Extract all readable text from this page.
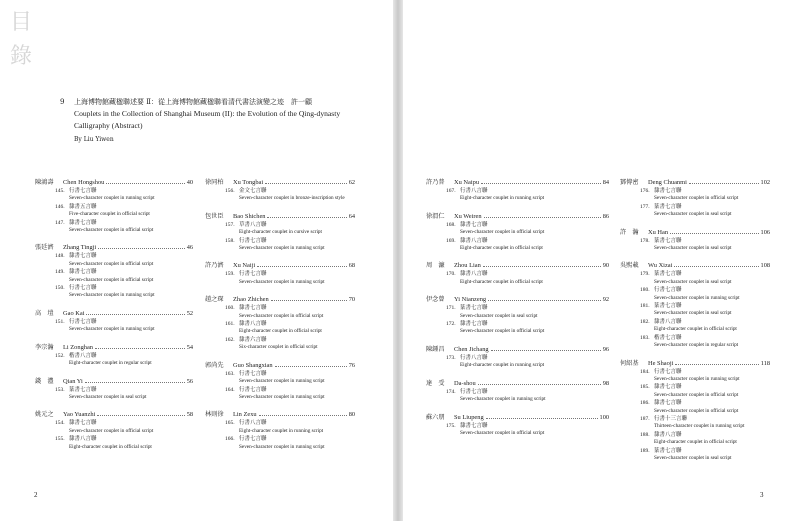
目
錄
9	上海博物館藏楹聯述要 Ⅱ：從上海博物館藏楹聯看清代書法演變之迹　許一顧
Couplets in the Collection of Shanghai Museum (II): the Evolution of the Qing-dynasty
Calligraphy (Abstract)
By Liu Yiwen
陳鴻壽	Chen Hongshou	40
145. 行書七言聯
Seven-character couplet in running script
146. 隸書五言聯
Five-character couplet in official script
147. 隸書七言聯
Seven-character couplet in official script
張廷濟	Zhang Tingji	46
148. 隸書七言聯
Seven-character couplet in official script
149. 隸書七言聯
Seven-character couplet in official script
150. 行書七言聯
Seven-character couplet in running script
高　塏	Gao Kai	52
151. 行書七言聯
Seven-character couplet in running script
李宗瀚	Li Zonghan	54
152. 楷書八言聯
Eight-character couplet in regular script
錢　灃	Qian Yi	56
153. 篆書七言聯
Seven-character couplet in seal script
姚元之	Yao Yuanzhi	58
154. 隸書七言聯
Seven-character couplet in official script
155. 隸書八言聯
Eight-character couplet in official script
徐同柏	Xu Tongbai	62
156. 金文七言聯
Seven-character couplet in bronze-inscription style
包世臣	Bao Shichen	64
157. 草書八言聯
Eight-character couplet in cursive script
158. 行書七言聯
Seven-character couplet in running script
許乃濟	Xu Naiji	68
159. 行書七言聯
Seven-character couplet in running script
趙之琛	Zhao Zhichen	70
160. 隸書七言聯
Seven-character couplet in official script
161. 隸書八言聯
Eight-character couplet in official script
162. 隸書六言聯
Six-character couplet in official script
郭尚先	Guo Shangxian	76
163. 行書七言聯
Seven-character couplet in running script
164. 行書七言聯
Seven-character couplet in running script
林則徐	Lin Zexu	80
165. 行書八言聯
Eight-character couplet in running script
166. 行書七言聯
Seven-character couplet in running script
2
許乃普	Xu Naipu	84
167. 行書八言聯
Eight-character couplet in running script
徐渭仁	Xu Weiren	86
168. 隸書七言聯
Seven-character couplet in official script
169. 隸書八言聯
Eight-character couplet in official script
周　濂	Zhou Lian	90
170. 隸書八言聯
Eight-character couplet in official script
伊念曾	Yi Nianzeng	92
171. 篆書七言聯
Seven-character couplet in seal script
172. 隸書七言聯
Seven-character couplet in official script
陳鍾昌	Chen Jichang	96
173. 行書八言聯
Eight-character couplet in running script
達　受	Da-shou	98
174. 行書七言聯
Seven-character couplet in running script
蘇六朋	Su Liupeng	100
175. 隸書七言聯
Seven-character couplet in official script
鄧傳密	Deng Chuanmi	102
176. 隸書七言聯
Seven-character couplet in official script
177. 篆書七言聯
Seven-character couplet in seal script
許　瀚	Xu Han	106
178. 篆書七言聯
Seven-character couplet in seal script
吳熙載	Wu Xizai	108
179. 篆書七言聯
Seven-character couplet in seal script
180. 行書七言聯
Seven-character couplet in running script
181. 篆書七言聯
Seven-character couplet in seal script
182. 隸書八言聯
Eight-character couplet in official script
183. 楷書七言聯
Seven-character couplet in regular script
何紹基	He Shaoji	118
184. 行書七言聯
Seven-character couplet in running script
185. 隸書七言聯
Seven-character couplet in official script
186. 隸書七言聯
Seven-character couplet in official script
187. 行書十三言聯
Thirteen-character couplet in running script
188. 隸書八言聯
Eight-character couplet in official script
189. 篆書七言聯
Seven-character couplet in seal script
3
